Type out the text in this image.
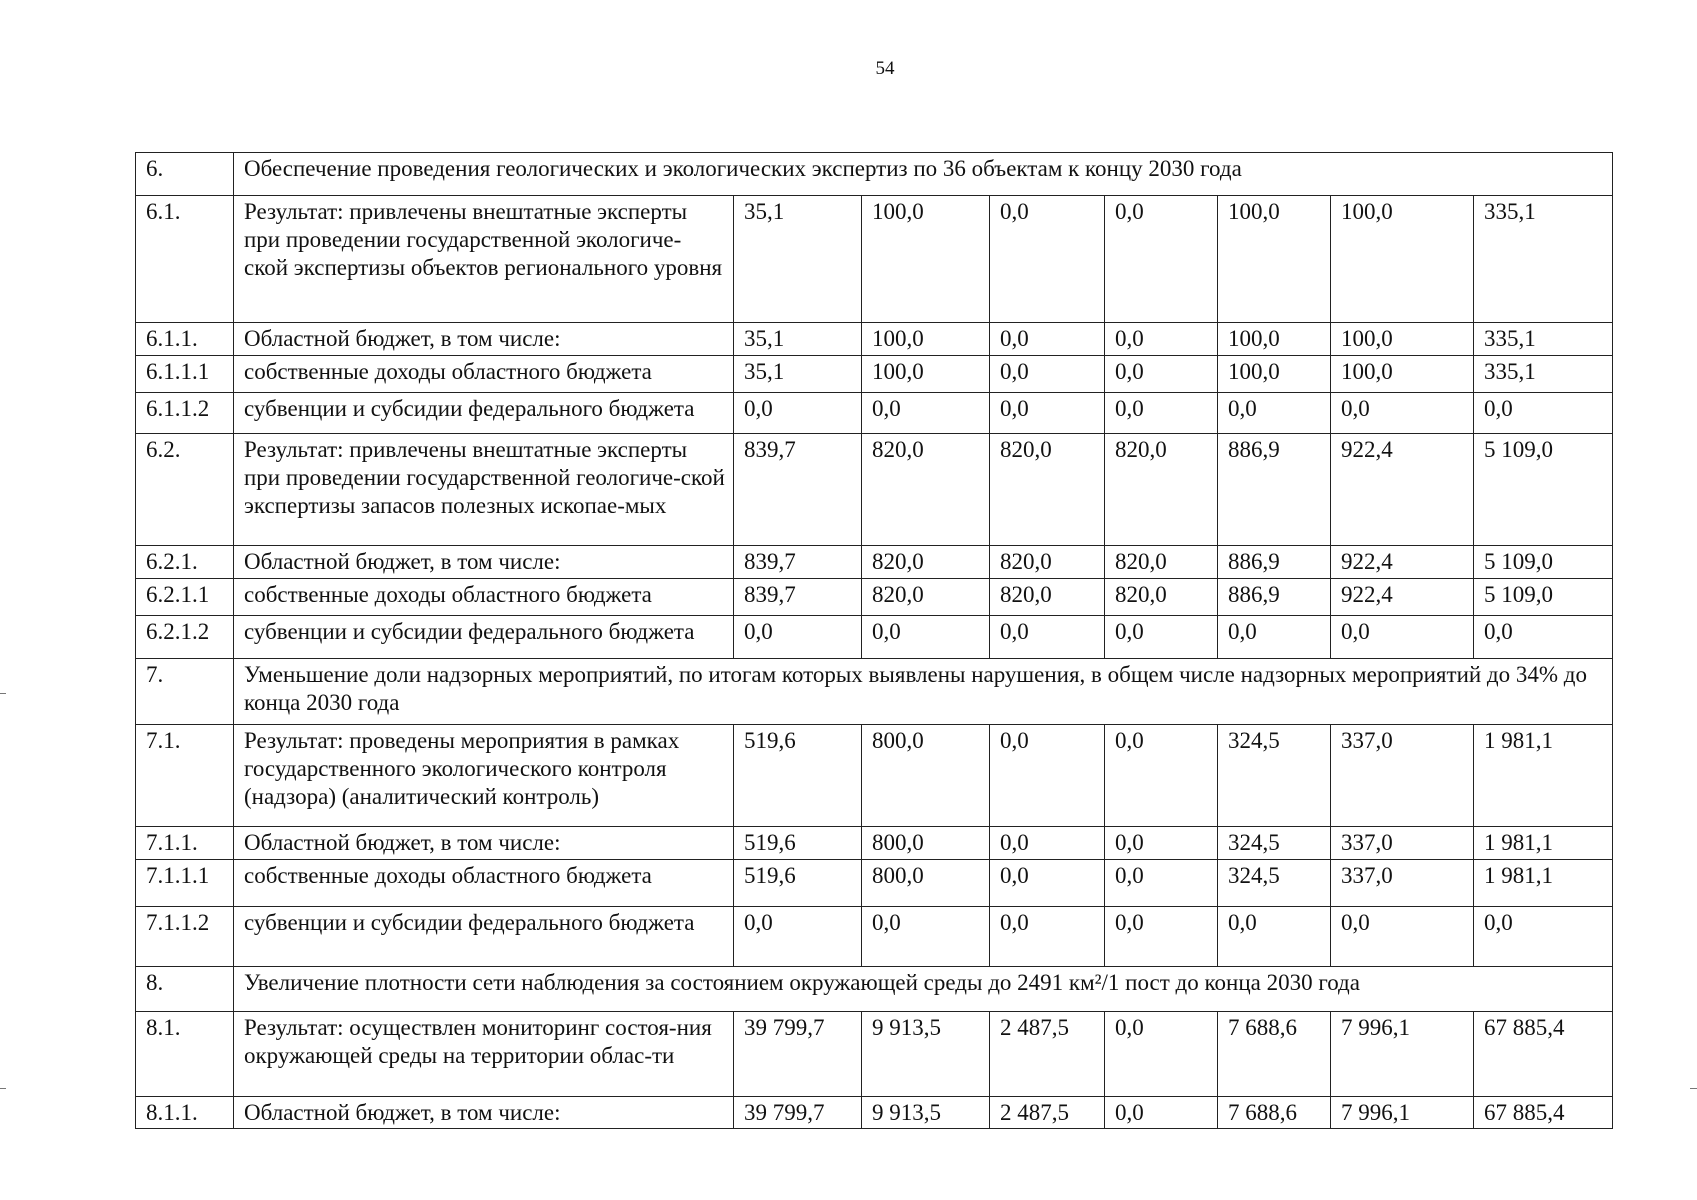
54
6.	Обеспечение проведения геологических и экологических экспертиз по 36 объектам к концу 2030 года							
6.1.	Результат: привлечены внештатные эксперты при проведении государственной экологиче-ской экспертизы объектов регионального уровня	35,1	100,0	0,0	0,0	100,0	100,0	335,1
6.1.1.	Областной бюджет, в том числе:	35,1	100,0	0,0	0,0	100,0	100,0	335,1
6.1.1.1	собственные доходы областного бюджета	35,1	100,0	0,0	0,0	100,0	100,0	335,1
6.1.1.2	субвенции и субсидии федерального бюджета	0,0	0,0	0,0	0,0	0,0	0,0	0,0
6.2.	Результат: привлечены внештатные эксперты при проведении государственной геологиче-ской экспертизы запасов полезных ископае-мых	839,7	820,0	820,0	820,0	886,9	922,4	5 109,0
6.2.1.	Областной бюджет, в том числе:	839,7	820,0	820,0	820,0	886,9	922,4	5 109,0
6.2.1.1	собственные доходы областного бюджета	839,7	820,0	820,0	820,0	886,9	922,4	5 109,0
6.2.1.2	субвенции и субсидии федерального бюджета	0,0	0,0	0,0	0,0	0,0	0,0	0,0
7.	Уменьшение доли надзорных мероприятий, по итогам которых выявлены нарушения, в общем числе надзорных мероприятий до 34% до конца 2030 года							
7.1.	Результат: проведены мероприятия в рамках государственного экологического контроля (надзора) (аналитический контроль)	519,6	800,0	0,0	0,0	324,5	337,0	1 981,1
7.1.1.	Областной бюджет, в том числе:	519,6	800,0	0,0	0,0	324,5	337,0	1 981,1
7.1.1.1	собственные доходы областного бюджета	519,6	800,0	0,0	0,0	324,5	337,0	1 981,1
7.1.1.2	субвенции и субсидии федерального бюджета	0,0	0,0	0,0	0,0	0,0	0,0	0,0
8.	Увеличение плотности сети наблюдения за состоянием окружающей среды до 2491 км²/1 пост до конца 2030 года							
8.1.	Результат: осуществлен мониторинг состоя-ния окружающей среды на территории облас-ти	39 799,7	9 913,5	2 487,5	0,0	7 688,6	7 996,1	67 885,4
8.1.1.	Областной бюджет, в том числе:	39 799,7	9 913,5	2 487,5	0,0	7 688,6	7 996,1	67 885,4
